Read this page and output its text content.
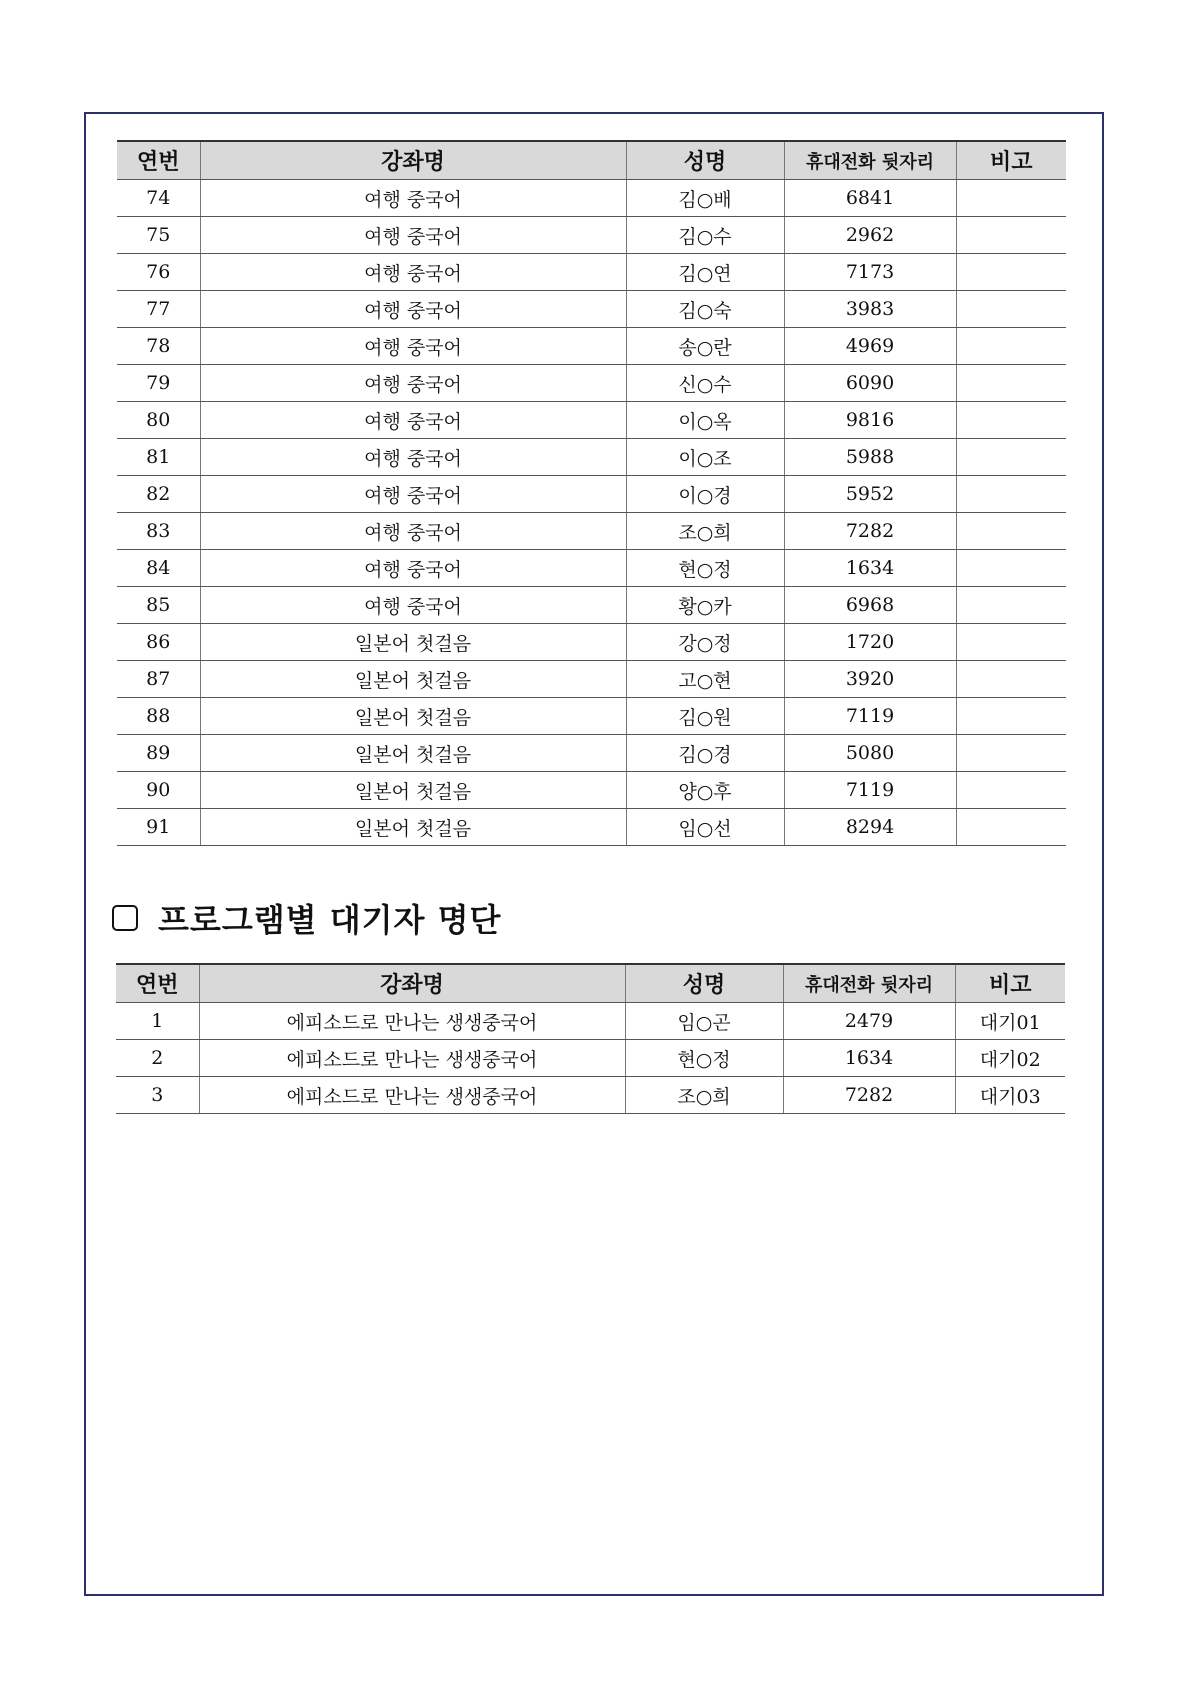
연번	강좌명	성명	휴대전화 뒷자리	비고
74	여행 중국어	김○배	6841	
75	여행 중국어	김○수	2962	
76	여행 중국어	김○연	7173	
77	여행 중국어	김○숙	3983	
78	여행 중국어	송○란	4969	
79	여행 중국어	신○수	6090	
80	여행 중국어	이○옥	9816	
81	여행 중국어	이○조	5988	
82	여행 중국어	이○경	5952	
83	여행 중국어	조○희	7282	
84	여행 중국어	현○정	1634	
85	여행 중국어	황○카	6968	
86	일본어 첫걸음	강○정	1720	
87	일본어 첫걸음	고○현	3920	
88	일본어 첫걸음	김○원	7119	
89	일본어 첫걸음	김○경	5080	
90	일본어 첫걸음	양○후	7119	
91	일본어 첫걸음	임○선	8294	
프로그램별 대기자 명단
연번	강좌명	성명	휴대전화 뒷자리	비고
1	에피소드로 만나는 생생중국어	임○곤	2479	대기01
2	에피소드로 만나는 생생중국어	현○정	1634	대기02
3	에피소드로 만나는 생생중국어	조○희	7282	대기03
